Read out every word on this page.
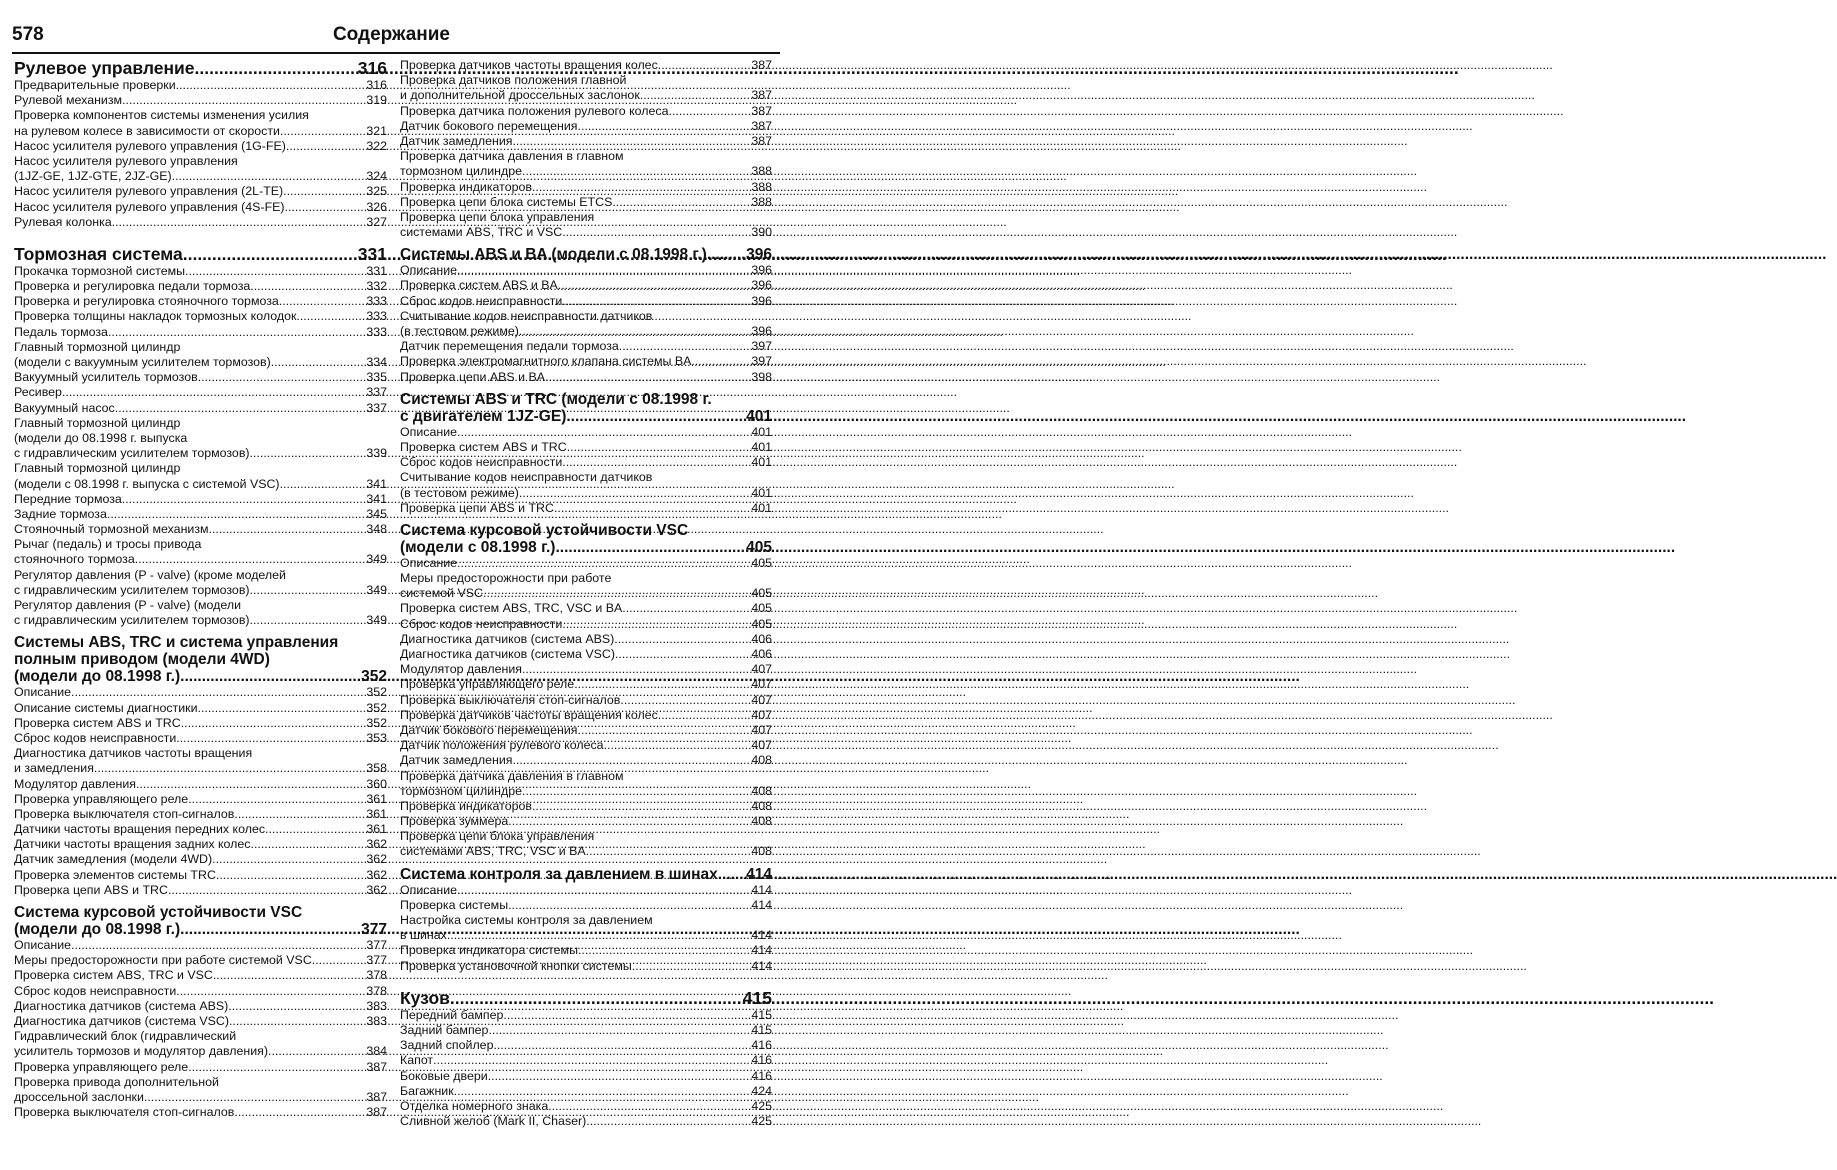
578	Содержание
Рулевое управление .....	316
Предварительные проверки .....	316
Рулевой механизм .....	319
Проверка компонентов системы изменения усилия
на рулевом колесе в зависимости от скорости .....	321
Насос усилителя рулевого управления (1G-FE) .....	322
Насос усилителя рулевого управления
(1JZ-GE, 1JZ-GTE, 2JZ-GE) .....	324
Насос усилителя рулевого управления (2L-TE) .....	325
Насос усилителя рулевого управления (4S-FE) .....	326
Рулевая колонка .....	327
Тормозная система .....	331
Прокачка тормозной системы .....	331
Проверка и регулировка педали тормоза .....	332
Проверка и регулировка стояночного тормоза .....	333
Проверка толщины накладок тормозных колодок .....	333
Педаль тормоза .....	333
Главный тормозной цилиндр
(модели с вакуумным усилителем тормозов) .....	334
Вакуумный усилитель тормозов .....	335
Ресивер .....	337
Вакуумный насос .....	337
Главный тормозной цилиндр
(модели до 08.1998 г. выпуска
с гидравлическим усилителем тормозов) .....	339
Главный тормозной цилиндр
(модели с 08.1998 г. выпуска с системой VSC) .....	341
Передние тормоза .....	341
Задние тормоза .....	345
Стояночный тормозной механизм .....	348
Рычаг (педаль) и тросы привода
стояночного тормоза .....	349
Регулятор давления (P - valve) (кроме моделей
с гидравлическим усилителем тормозов) .....	349
Регулятор давления (P - valve) (модели
с гидравлическим усилителем тормозов) .....	349
Системы ABS, TRC и система управления
полным приводом (модели 4WD)
(модели до 08.1998 г.) .....	352
Описание .....	352
Описание системы диагностики .....	352
Проверка систем ABS и TRC .....	352
Сброс кодов неисправности .....	353
Диагностика датчиков частоты вращения
и замедления .....	358
Модулятор давления .....	360
Проверка управляющего реле .....	361
Проверка выключателя стоп-сигналов .....	361
Датчики частоты вращения передних колес .....	361
Датчики частоты вращения задних колес .....	362
Датчик замедления (модели 4WD) .....	362
Проверка элементов системы TRC .....	362
Проверка цепи ABS и TRC .....	362
Система курсовой устойчивости VSC
(модели до 08.1998 г.) .....	377
Описание .....	377
Меры предосторожности при работе системой VSC .....	377
Проверка систем ABS, TRC и VSC .....	378
Сброс кодов неисправности .....	378
Диагностика датчиков (система ABS) .....	383
Диагностика датчиков (система VSC) .....	383
Гидравлический блок (гидравлический
усилитель тормозов и модулятор давления) .....	384
Проверка управляющего реле .....	387
Проверка привода дополнительной
дроссельной заслонки .....	387
Проверка выключателя стоп-сигналов .....	387
Проверка датчиков частоты вращения колес .....	387
Проверка датчиков положения главной
и дополнительной дроссельных заслонок .....	387
Проверка датчика положения рулевого колеса .....	387
Датчик бокового перемещения .....	387
Датчик замедления .....	387
Проверка датчика давления в главном
тормозном цилиндре .....	388
Проверка индикаторов .....	388
Проверка цепи блока системы ETCS .....	388
Проверка цепи блока управления
системами ABS, TRC и VSC .....	390
Системы ABS и BA (модели с 08.1998 г.) .....	396
Описание .....	396
Проверка систем ABS и BA .....	396
Сброс кодов неисправности .....	396
Считывание кодов неисправности датчиков
(в тестовом режиме) .....	396
Датчик перемещения педали тормоза .....	397
Проверка электромагнитного клапана системы BA .....	397
Проверка цепи ABS и BA .....	398
Системы ABS и TRC (модели с 08.1998 г.
с двигателем 1JZ-GE) .....	401
Описание .....	401
Проверка систем ABS и TRC .....	401
Сброс кодов неисправности .....	401
Считывание кодов неисправности датчиков
(в тестовом режиме) .....	401
Проверка цепи ABS и TRC .....	401
Система курсовой устойчивости VSC
(модели с 08.1998 г.) .....	405
Описание .....	405
Меры предосторожности при работе
системой VSC .....	405
Проверка систем ABS, TRC, VSC и BA .....	405
Сброс кодов неисправности .....	405
Диагностика датчиков (система ABS) .....	406
Диагностика датчиков (система VSC) .....	406
Модулятор давления .....	407
Проверка управляющего реле .....	407
Проверка выключателя стоп-сигналов .....	407
Проверка датчиков частоты вращения колес .....	407
Датчик бокового перемещения .....	407
Датчик положения рулевого колеса .....	407
Датчик замедления .....	408
Проверка датчика давления в главном
тормозном цилиндре .....	408
Проверка индикаторов .....	408
Проверка зуммера .....	408
Проверка цепи блока управления
системами ABS, TRC, VSC и BA .....	408
Система контроля за давлением в шинах ..... 414
Описание .....	414
Проверка системы .....	414
Настройка системы контроля за давлением
в шинах .....	414
Проверка индикатора системы .....	414
Проверка установочной кнопки системы .....	414
Кузов .....	415
Передний бампер .....	415
Задний бампер .....	415
Задний спойлер .....	416
Капот .....	416
Боковые двери .....	416
Багажник .....	424
Отделка номерного знака .....	425
Сливной желоб (Mark II, Chaser) .....	425
